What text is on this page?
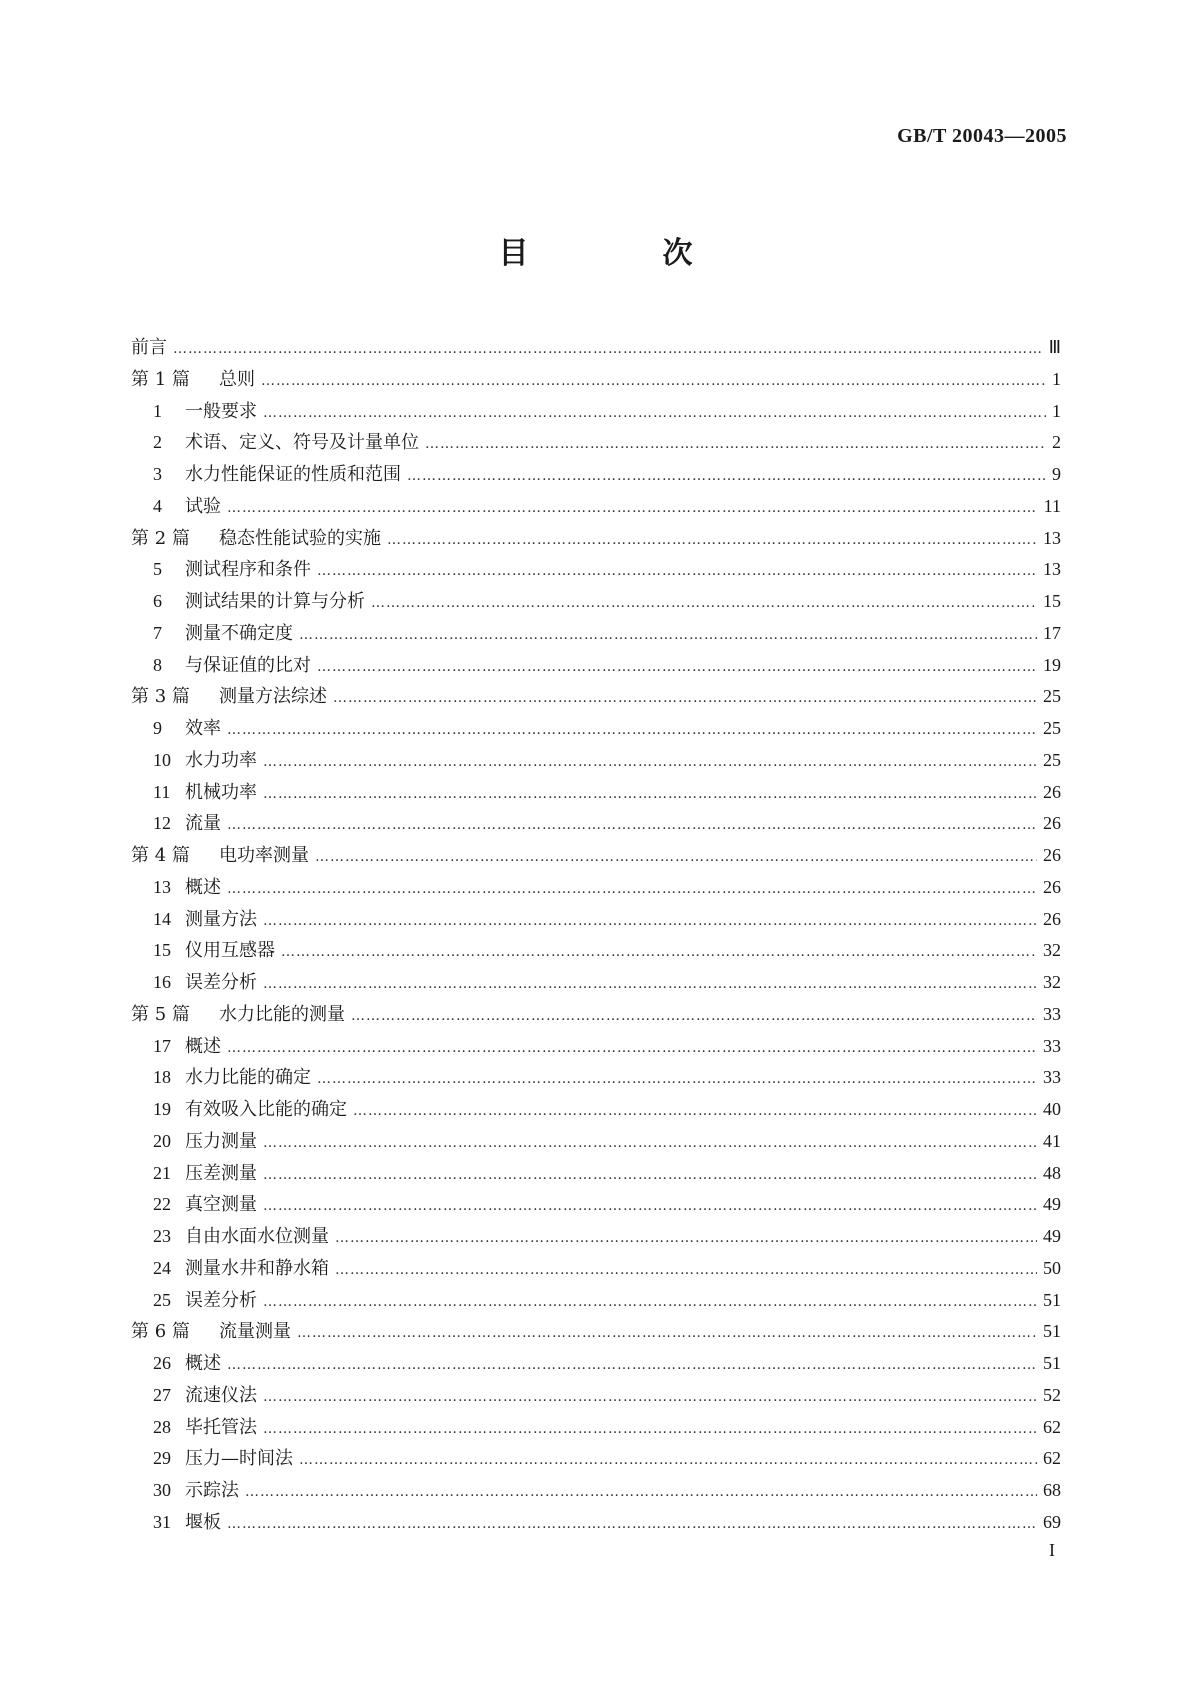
GB/T 20043—2005
目　次
前言 ……………………………………………………………………………………………………………………………………………………………………………………………………	Ⅲ
第 1 篇	总则 ……………………………………………………………………………………………………………………………………………………………………………………………………	1
1	一般要求 ……………………………………………………………………………………………………………………………………………………………………………………………………	1
2	术语、定义、符号及计量单位 ……………………………………………………………………………………………………………………………………………………………………………………………………	2
3	水力性能保证的性质和范围 ……………………………………………………………………………………………………………………………………………………………………………………………………	9
4	试验 ……………………………………………………………………………………………………………………………………………………………………………………………………	11
第 2 篇	稳态性能试验的实施 ……………………………………………………………………………………………………………………………………………………………………………………………………	13
5	测试程序和条件 ……………………………………………………………………………………………………………………………………………………………………………………………………	13
6	测试结果的计算与分析 ……………………………………………………………………………………………………………………………………………………………………………………………………	15
7	测量不确定度 ……………………………………………………………………………………………………………………………………………………………………………………………………	17
8	与保证值的比对 ……………………………………………………………………………………………………………………………………………………………………………………………………	19
第 3 篇	测量方法综述 ……………………………………………………………………………………………………………………………………………………………………………………………………	25
9	效率 ……………………………………………………………………………………………………………………………………………………………………………………………………	25
10 水力功率 ……………………………………………………………………………………………………………………………………………………………………………………………………	25
11 机械功率 ……………………………………………………………………………………………………………………………………………………………………………………………………	26
12 流量 ……………………………………………………………………………………………………………………………………………………………………………………………………	26
第 4 篇	电功率测量 ……………………………………………………………………………………………………………………………………………………………………………………………………	26
13 概述 ……………………………………………………………………………………………………………………………………………………………………………………………………	26
14 测量方法 ……………………………………………………………………………………………………………………………………………………………………………………………………	26
15 仪用互感器 ……………………………………………………………………………………………………………………………………………………………………………………………………	32
16 误差分析 ……………………………………………………………………………………………………………………………………………………………………………………………………	32
第 5 篇	水力比能的测量 ……………………………………………………………………………………………………………………………………………………………………………………………………	33
17 概述 ……………………………………………………………………………………………………………………………………………………………………………………………………	33
18 水力比能的确定 ……………………………………………………………………………………………………………………………………………………………………………………………………	33
19 有效吸入比能的确定 ……………………………………………………………………………………………………………………………………………………………………………………………………	40
20 压力测量 ……………………………………………………………………………………………………………………………………………………………………………………………………	41
21 压差测量 ……………………………………………………………………………………………………………………………………………………………………………………………………	48
22 真空测量 ……………………………………………………………………………………………………………………………………………………………………………………………………	49
23 自由水面水位测量 ……………………………………………………………………………………………………………………………………………………………………………………………………	49
24 测量水井和静水箱 ……………………………………………………………………………………………………………………………………………………………………………………………………	50
25 误差分析 ……………………………………………………………………………………………………………………………………………………………………………………………………	51
第 6 篇	流量测量 ……………………………………………………………………………………………………………………………………………………………………………………………………	51
26 概述 ……………………………………………………………………………………………………………………………………………………………………………………………………	51
27 流速仪法 ……………………………………………………………………………………………………………………………………………………………………………………………………	52
28 毕托管法 ……………………………………………………………………………………………………………………………………………………………………………………………………	62
29 压力—时间法 ……………………………………………………………………………………………………………………………………………………………………………………………………	62
30 示踪法 ……………………………………………………………………………………………………………………………………………………………………………………………………	68
31 堰板 ……………………………………………………………………………………………………………………………………………………………………………………………………	69
I
